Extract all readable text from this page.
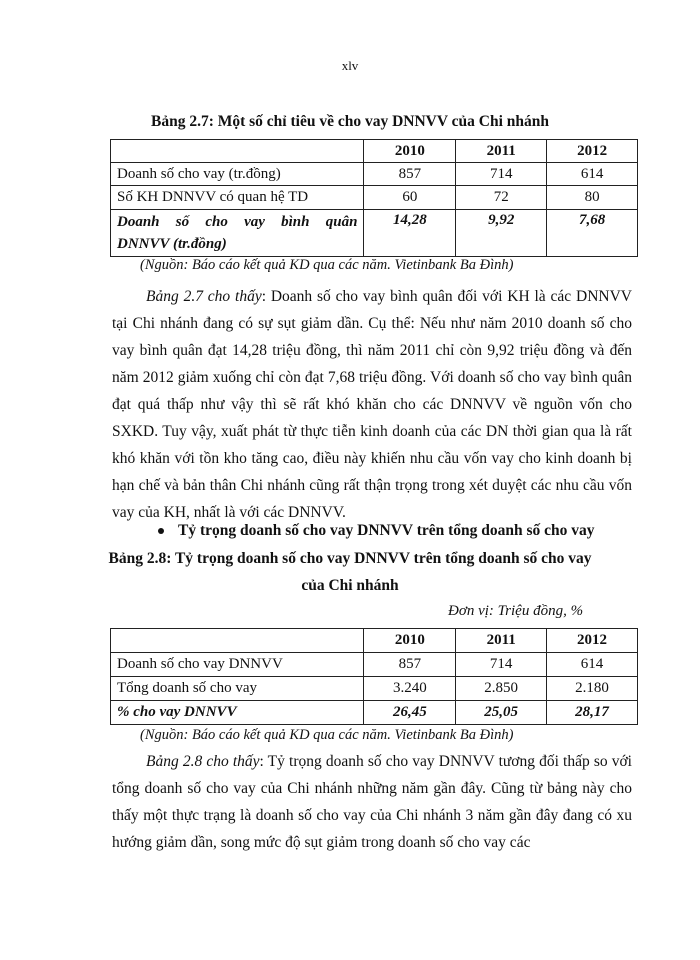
xlv
Bảng 2.7: Một số chỉ tiêu về cho vay DNNVV của Chi nhánh
	2010	2011	2012
Doanh số cho vay (tr.đồng)	857	714	614
Số KH DNNVV có quan hệ TD	60	72	80

Doanh số cho vay bình quân
DNNVV (tr.đồng)	14,28	9,92	7,68
(Nguồn: Báo cáo kết quả KD qua các năm. Vietinbank Ba Đình)
Bảng 2.7 cho thấy: Doanh số cho vay bình quân đối với KH là các DNNVV tại Chi nhánh đang có sự sụt giảm dần. Cụ thể: Nếu như năm 2010 doanh số cho vay bình quân đạt 14,28 triệu đồng, thì năm 2011 chỉ còn 9,92 triệu đồng và đến năm 2012 giảm xuống chỉ còn đạt 7,68 triệu đồng. Với doanh số cho vay bình quân đạt quá thấp như vậy thì sẽ rất khó khăn cho các DNNVV về nguồn vốn cho SXKD. Tuy vậy, xuất phát từ thực tiễn kinh doanh của các DN thời gian qua là rất khó khăn với tồn kho tăng cao, điều này khiến nhu cầu vốn vay cho kinh doanh bị hạn chế và bản thân Chi nhánh cũng rất thận trọng trong xét duyệt các nhu cầu vốn vay của KH, nhất là với các DNNVV.
Tỷ trọng doanh số cho vay DNNVV trên tổng doanh số cho vay
Bảng 2.8: Tỷ trọng doanh số cho vay DNNVV trên tổng doanh số cho vay
của Chi nhánh
Đơn vị: Triệu đồng, %
	2010	2011	2012
Doanh số cho vay DNNVV	857	714	614
Tổng doanh số cho vay	3.240	2.850	2.180
% cho vay DNNVV	26,45	25,05	28,17
(Nguồn: Báo cáo kết quả KD qua các năm. Vietinbank Ba Đình)
Bảng 2.8 cho thấy: Tỷ trọng doanh số cho vay DNNVV tương đối thấp so với tổng doanh số cho vay của Chi nhánh những năm gần đây. Cũng từ bảng này cho thấy một thực trạng là doanh số cho vay của Chi nhánh 3 năm gần đây đang có xu hướng giảm dần, song mức độ sụt giảm trong doanh số cho vay các
